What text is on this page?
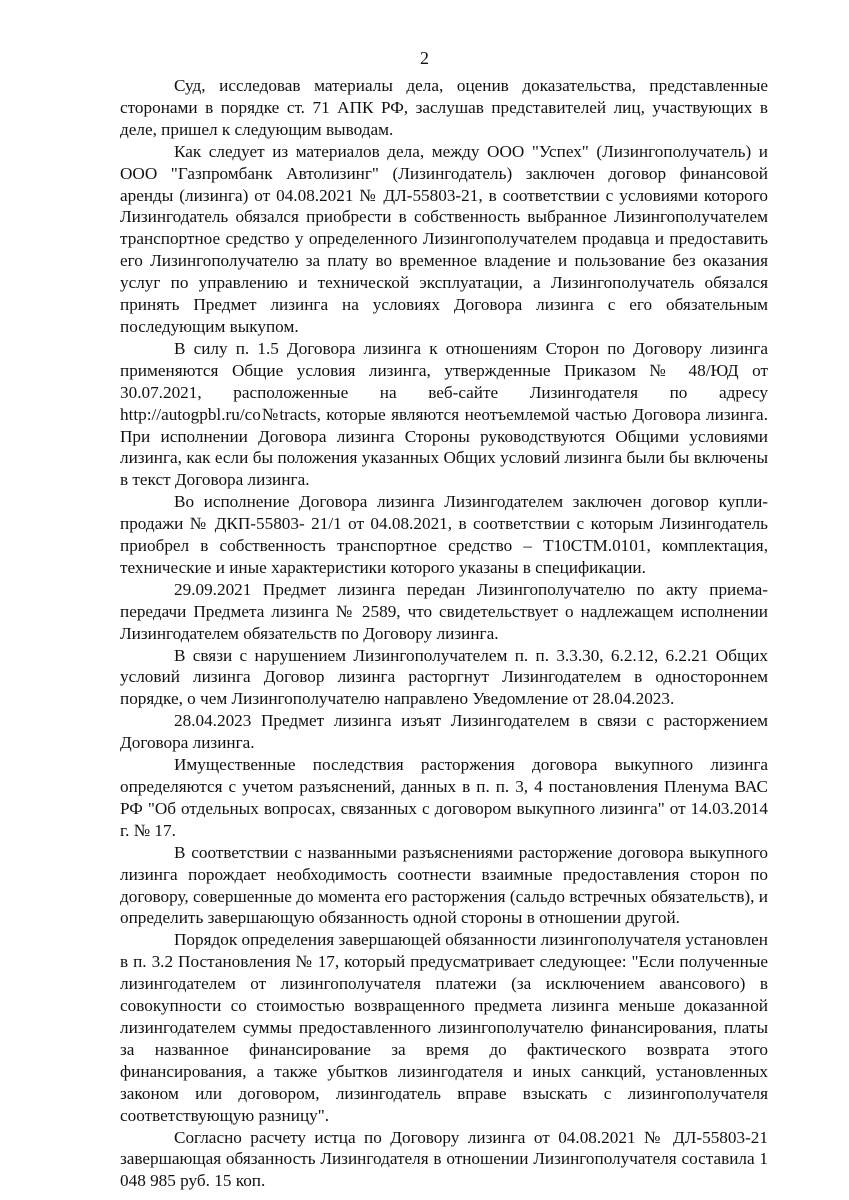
2

Суд, исследовав материалы дела, оценив доказательства, представленные сторонами в порядке ст. 71 АПК РФ, заслушав представителей лиц, участвующих в деле, пришел к следующим выводам.

Как следует из материалов дела, между ООО "Успех" (Лизингополучатель) и ООО "Газпромбанк Автолизинг" (Лизингодатель) заключен договор финансовой аренды (лизинга) от 04.08.2021 № ДЛ-55803-21, в соответствии с условиями которого Лизингодатель обязался приобрести в собственность выбранное Лизингополучателем транспортное средство у определенного Лизингополучателем продавца и предоставить его Лизингополучателю за плату во временное владение и пользование без оказания услуг по управлению и технической эксплуатации, а Лизингополучатель обязался принять Предмет лизинга на условиях Договора лизинга с его обязательным последующим выкупом.

В силу п. 1.5 Договора лизинга к отношениям Сторон по Договору лизинга применяются Общие условия лизинга, утвержденные Приказом № 48/ЮД от 30.07.2021, расположенные на веб-сайте Лизингодателя по адресу http://autogpbl.ru/co№tracts, которые являются неотъемлемой частью Договора лизинга. При исполнении Договора лизинга Стороны руководствуются Общими условиями лизинга, как если бы положения указанных Общих условий лизинга были бы включены в текст Договора лизинга.

Во исполнение Договора лизинга Лизингодателем заключен договор купли-продажи № ДКП-55803- 21/1 от 04.08.2021, в соответствии с которым Лизингодатель приобрел в собственность транспортное средство – Т10СТМ.0101, комплектация, технические и иные характеристики которого указаны в спецификации.

29.09.2021 Предмет лизинга передан Лизингополучателю по акту приема-передачи Предмета лизинга № 2589, что свидетельствует о надлежащем исполнении Лизингодателем обязательств по Договору лизинга.

В связи с нарушением Лизингополучателем п. п. 3.3.30, 6.2.12, 6.2.21 Общих условий лизинга Договор лизинга расторгнут Лизингодателем в одностороннем порядке, о чем Лизингополучателю направлено Уведомление от 28.04.2023.

28.04.2023 Предмет лизинга изъят Лизингодателем в связи с расторжением Договора лизинга.

Имущественные последствия расторжения договора выкупного лизинга определяются с учетом разъяснений, данных в п. п. 3, 4 постановления Пленума ВАС РФ "Об отдельных вопросах, связанных с договором выкупного лизинга" от 14.03.2014 г. № 17.

В соответствии с названными разъяснениями расторжение договора выкупного лизинга порождает необходимость соотнести взаимные предоставления сторон по договору, совершенные до момента его расторжения (сальдо встречных обязательств), и определить завершающую обязанность одной стороны в отношении другой.

Порядок определения завершающей обязанности лизингополучателя установлен в п. 3.2 Постановления № 17, который предусматривает следующее: "Если полученные лизингодателем от лизингополучателя платежи (за исключением авансового) в совокупности со стоимостью возвращенного предмета лизинга меньше доказанной лизингодателем суммы предоставленного лизингополучателю финансирования, платы за названное финансирование за время до фактического возврата этого финансирования, а также убытков лизингодателя и иных санкций, установленных законом или договором, лизингодатель вправе взыскать с лизингополучателя соответствующую разницу".

Согласно расчету истца по Договору лизинга от 04.08.2021 № ДЛ-55803-21 завершающая обязанность Лизингодателя в отношении Лизингополучателя составила 1 048 985 руб. 15 коп.
